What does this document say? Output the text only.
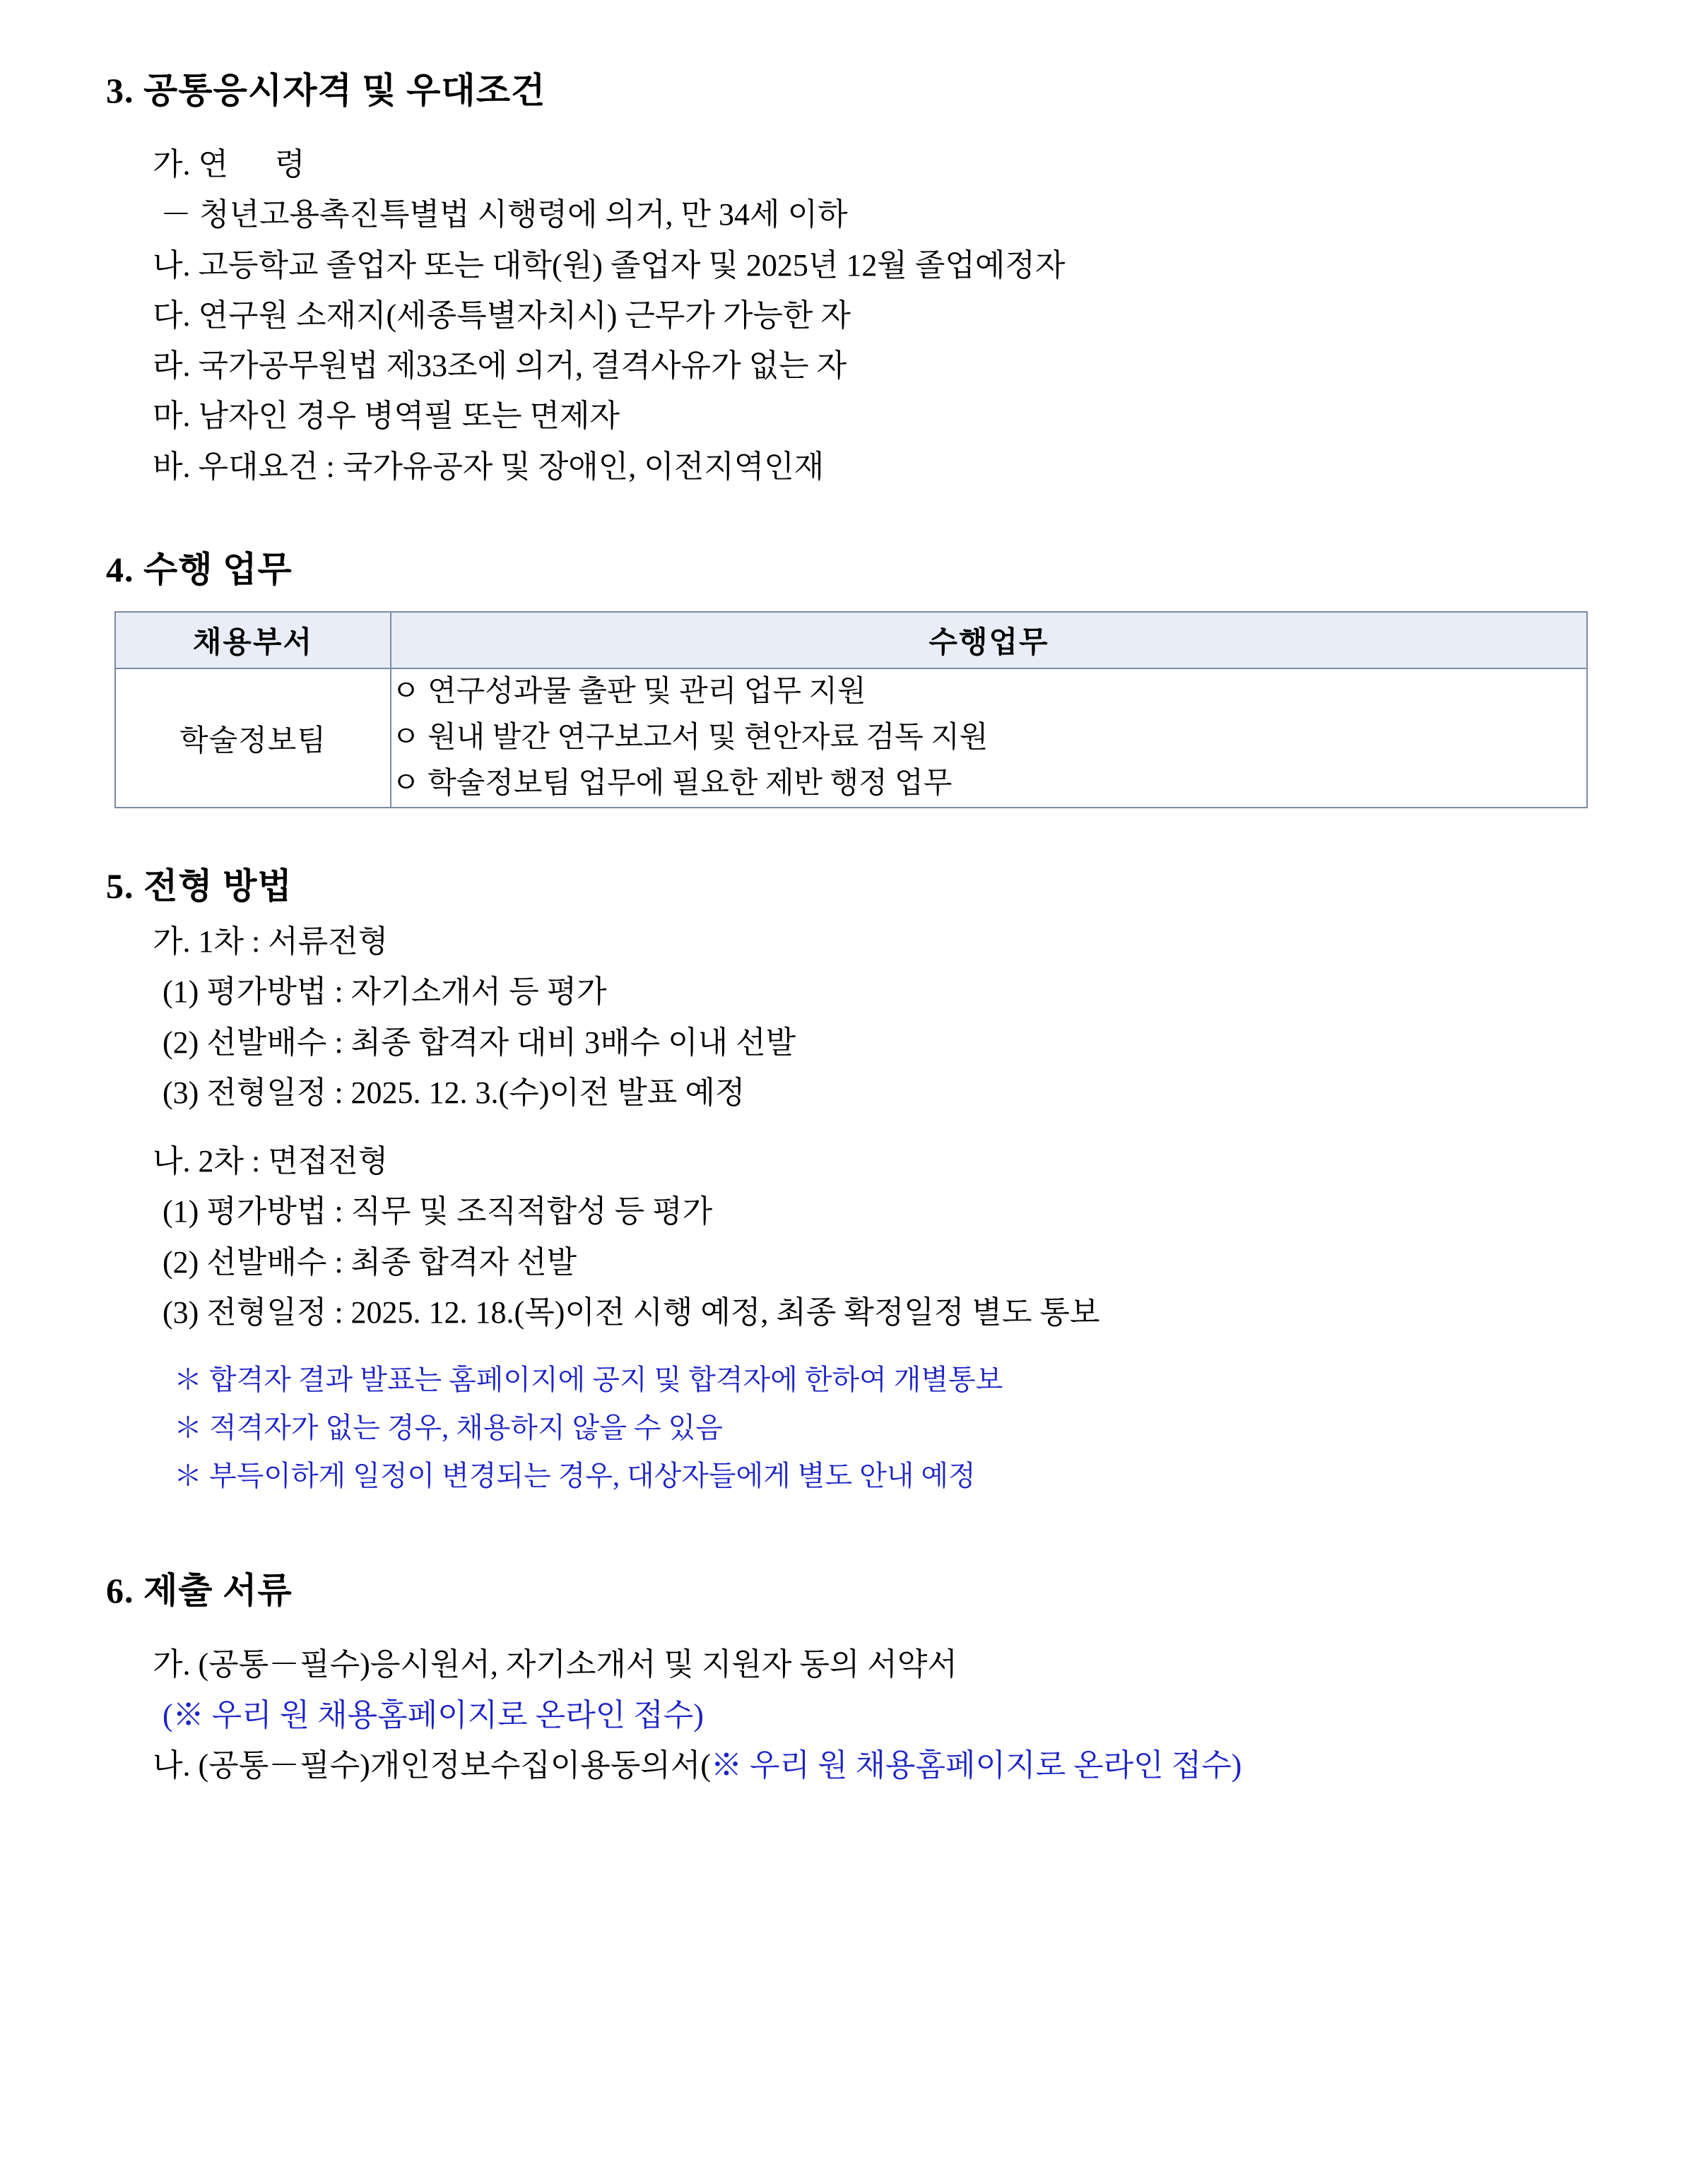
3. 공통응시자격 및 우대조건
가. 연      령
－ 청년고용촉진특별법 시행령에 의거, 만 34세 이하
나. 고등학교 졸업자 또는 대학(원) 졸업자 및 2025년 12월 졸업예정자
다. 연구원 소재지(세종특별자치시) 근무가 가능한 자
라. 국가공무원법 제33조에 의거, 결격사유가 없는 자
마. 남자인 경우 병역필 또는 면제자
바. 우대요건 : 국가유공자 및 장애인, 이전지역인재
4. 수행 업무
채용부서	수행업무
학술정보팀	ㅇ 연구성과물 출판 및 관리 업무 지원
ㅇ 원내 발간 연구보고서 및 현안자료 검독 지원
ㅇ 학술정보팀 업무에 필요한 제반 행정 업무
5. 전형 방법
가. 1차 : 서류전형
(1) 평가방법 : 자기소개서 등 평가
(2) 선발배수 : 최종 합격자 대비 3배수 이내 선발
(3) 전형일정 : 2025. 12. 3.(수)이전 발표 예정
나. 2차 : 면접전형
(1) 평가방법 : 직무 및 조직적합성 등 평가
(2) 선발배수 : 최종 합격자 선발
(3) 전형일정 : 2025. 12. 18.(목)이전 시행 예정, 최종 확정일정 별도 통보
＊ 합격자 결과 발표는 홈페이지에 공지 및 합격자에 한하여 개별통보
＊ 적격자가 없는 경우, 채용하지 않을 수 있음
＊ 부득이하게 일정이 변경되는 경우, 대상자들에게 별도 안내 예정
6. 제출 서류
가. (공통－필수)응시원서, 자기소개서 및 지원자 동의 서약서
(※ 우리 원 채용홈페이지로 온라인 접수)
나. (공통－필수)개인정보수집이용동의서(※ 우리 원 채용홈페이지로 온라인 접수)
